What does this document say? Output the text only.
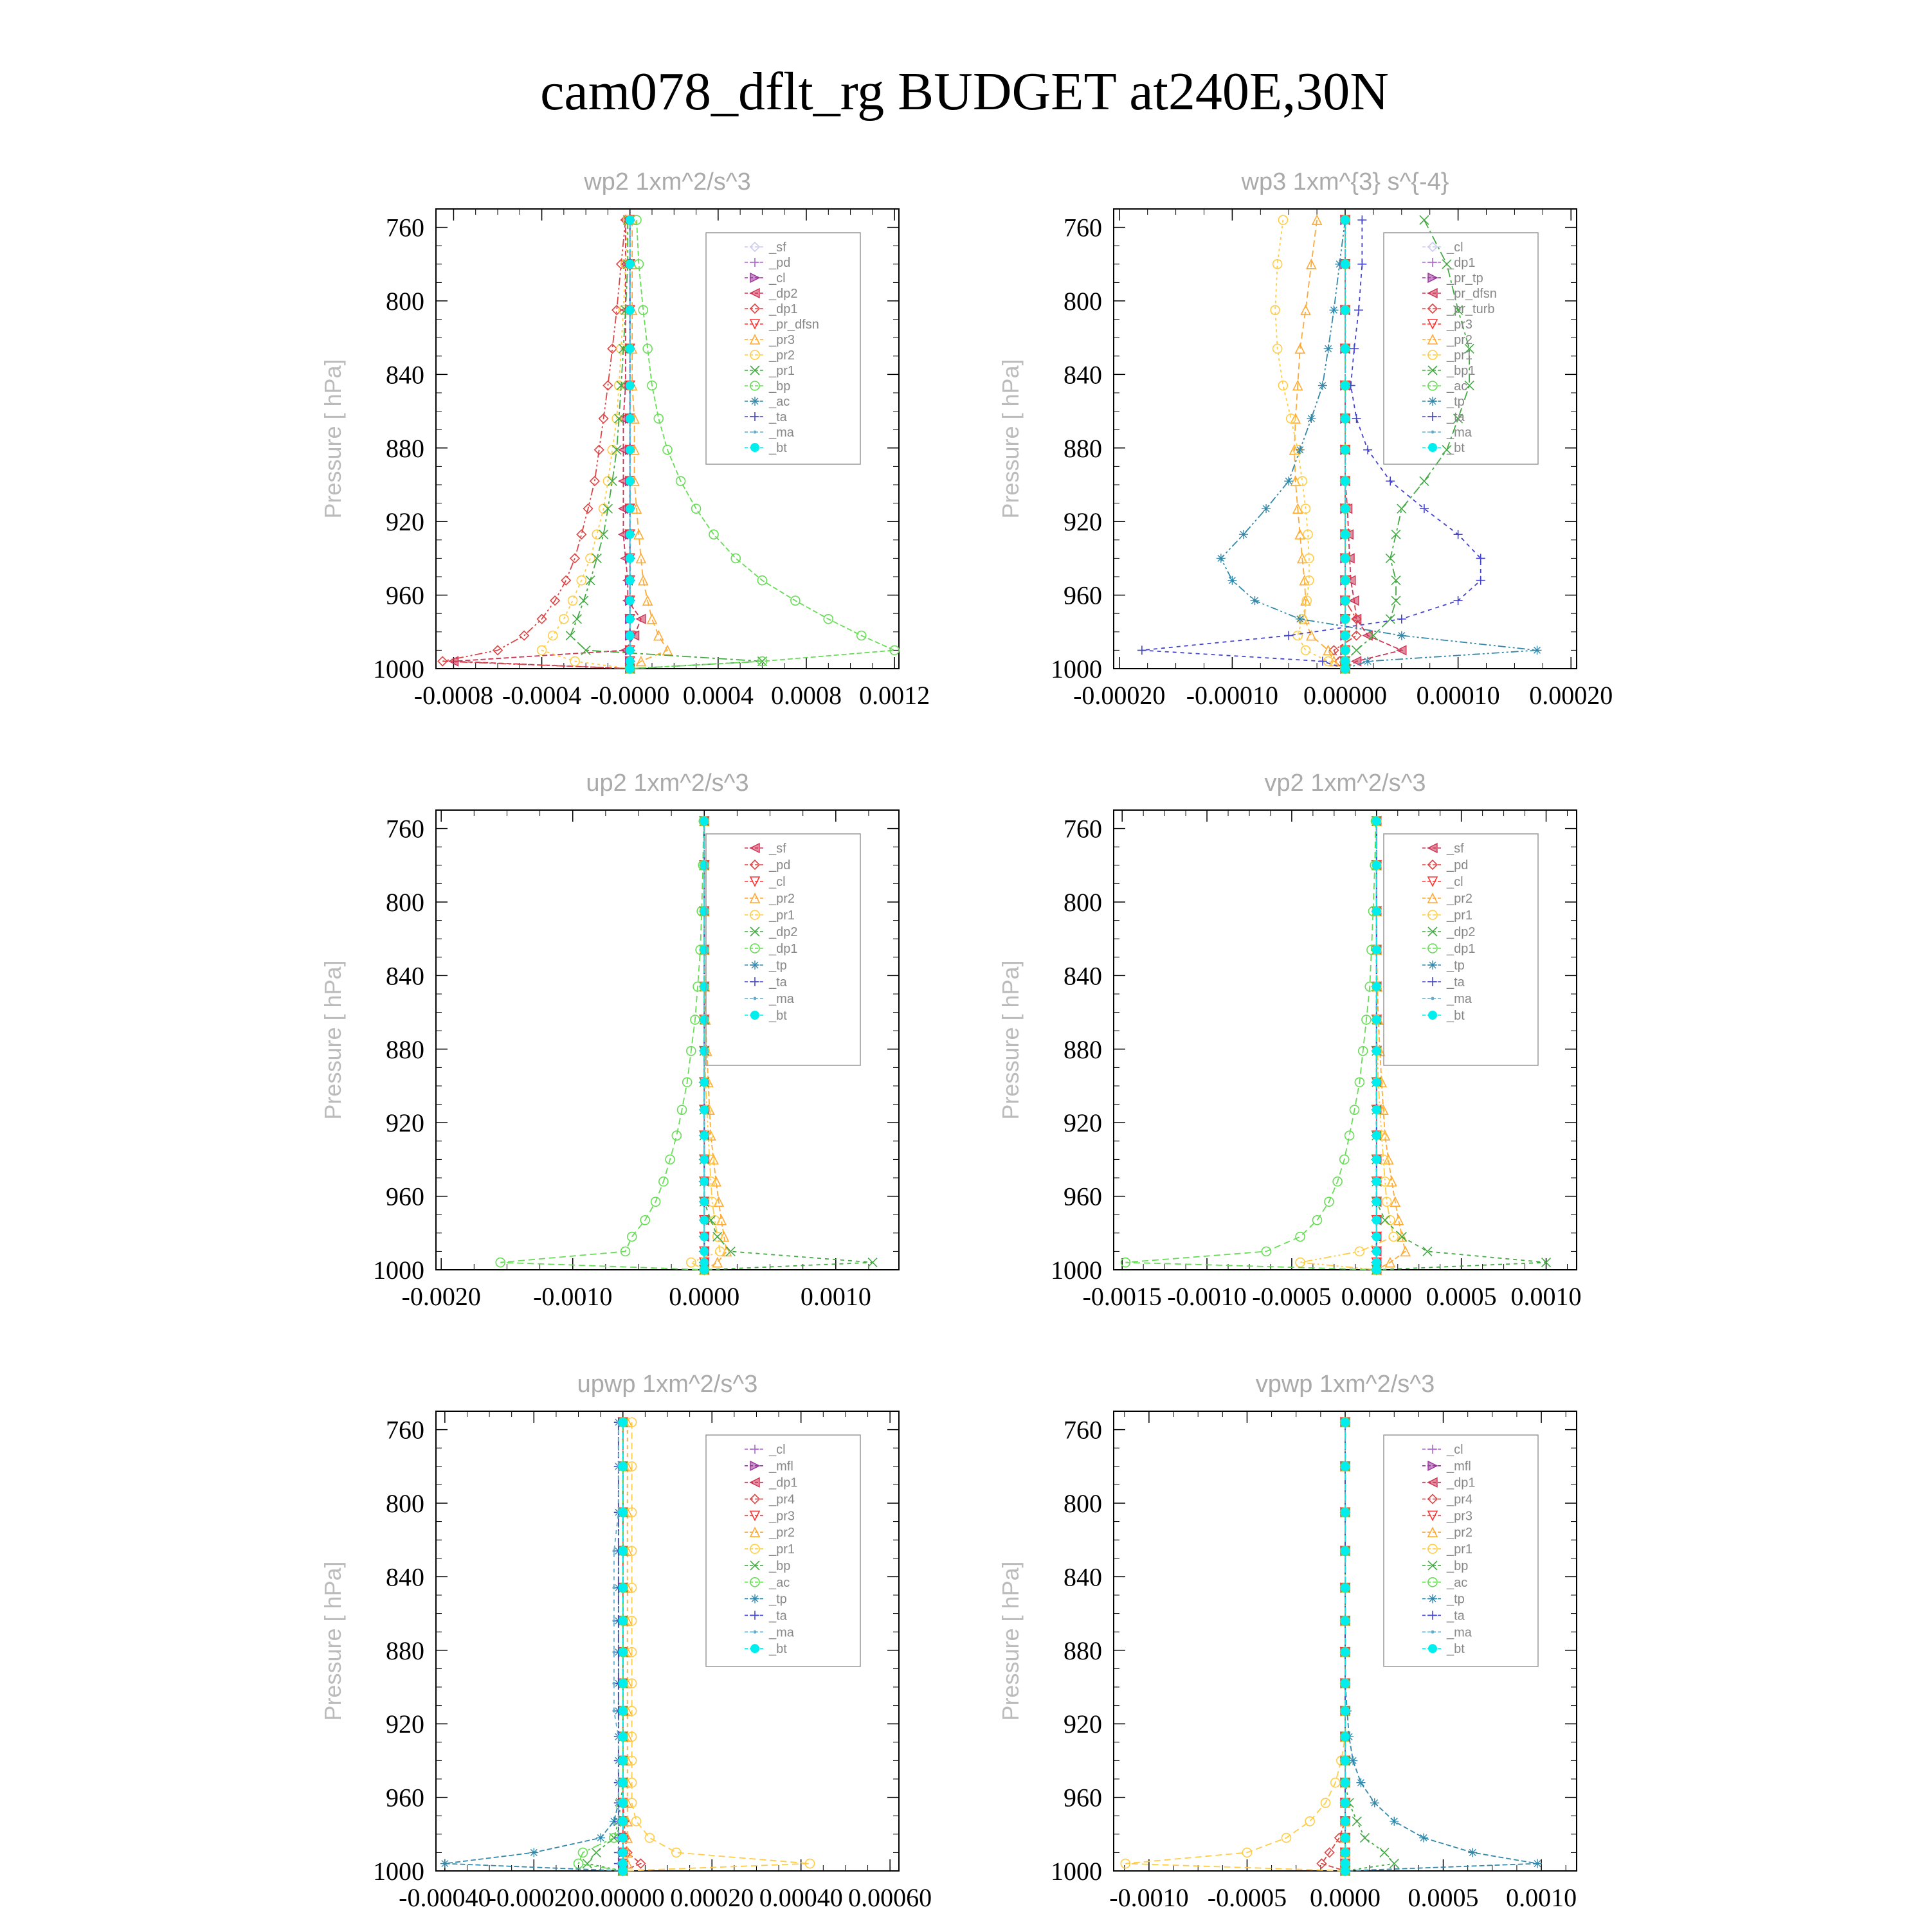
cam078_dflt_rg BUDGET at240E,30N
wp2 1xm^2/s^3
Pressure [ hPa]
760
800
840
880
920
960
1000
-0.0008 -0.0004 -0.0000 0.0004 0.0008 0.0012
_sf
_pd
_cl
_dp2
_dp1
_pr_dfsn
_pr3
_pr2
_pr1
_bp
_ac
_ta
_ma
_bt
wp3 1xm^{3} s^{-4}
Pressure [ hPa]
760
800
840
880
920
960
1000
-0.00020 -0.00010 0.00000 0.00010 0.00020
_cl
_dp1
_pr_tp
_pr_dfsn
_pr_turb
_pr3
_pr2
_pr1
_bp1
_ac
_tp
_ta
_ma
_bt
up2 1xm^2/s^3
Pressure [ hPa]
760
800
840
880
920
960
1000
-0.0020 -0.0010 0.0000 0.0010
_sf
_pd
_cl
_pr2
_pr1
_dp2
_dp1
_tp
_ta
_ma
_bt
vp2 1xm^2/s^3
Pressure [ hPa]
760
800
840
880
920
960
1000
-0.0015 -0.0010 -0.0005 0.0000 0.0005 0.0010
_sf
_pd
_cl
_pr2
_pr1
_dp2
_dp1
_tp
_ta
_ma
_bt
upwp 1xm^2/s^3
Pressure [ hPa]
760
800
840
880
920
960
1000
-0.00040
-0.00020 0.00000 0.00020 0.00040 0.00060
_cl
_mfl
_dp1
_pr4
_pr3
_pr2
_pr1
_bp
_ac
_tp
_ta
_ma
_bt
vpwp 1xm^2/s^3
Pressure [ hPa]
760
800
840
880
920
960
1000
-0.0010 -0.0005 0.0000 0.0005 0.0010
_cl
_mfl
_dp1
_pr4
_pr3
_pr2
_pr1
_bp
_ac
_tp
_ta
_ma
_bt
